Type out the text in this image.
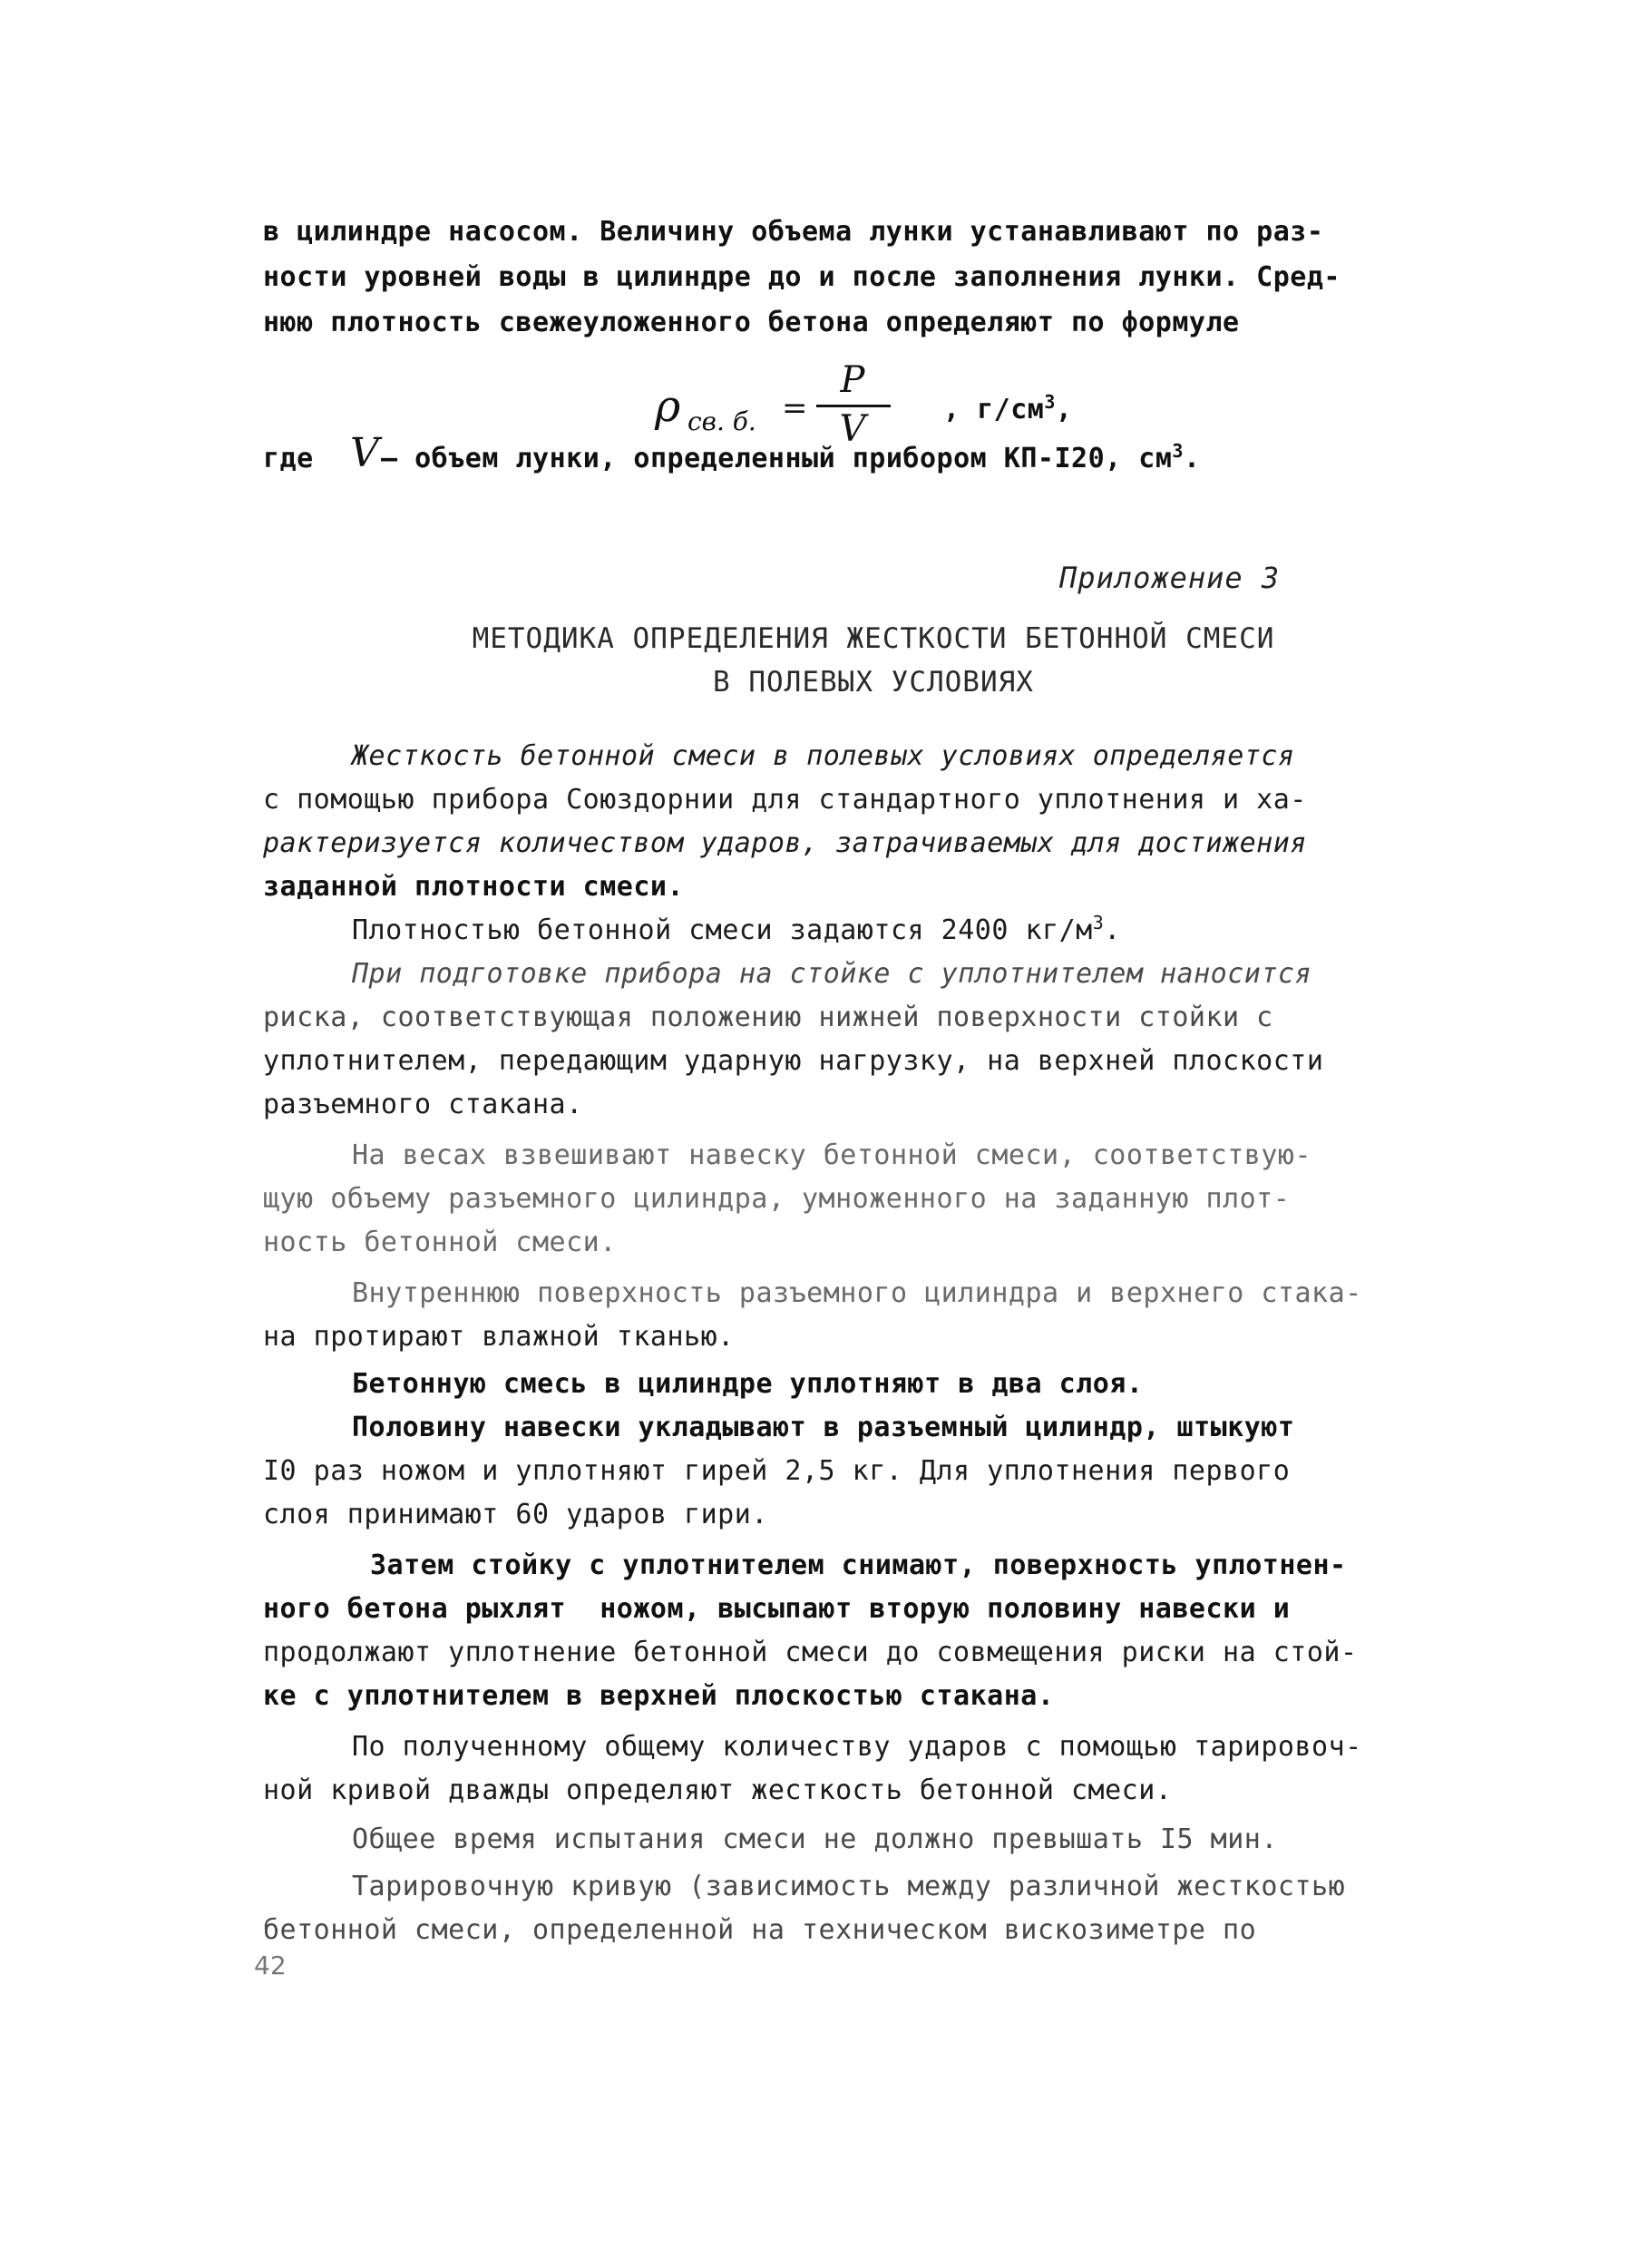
в цилиндре насосом. Величину объема лунки устанавливают по раз-
ности уровней воды в цилиндре до и после заполнения лунки. Сред-
нюю плотность свежеуложенного бетона определяют по формуле
ρ св. б. =
P
V	, $г/см^3$,
где V – объем лунки, определенный прибором КП-I20, $см^3$.
Приложение 3
МЕТОДИКА ОПРЕДЕЛЕНИЯ ЖЕСТКОСТИ БЕТОННОЙ СМЕСИ
В ПОЛЕВЫХ УСЛОВИЯХ
Жесткость бетонной смеси в полевых условиях определяется
с помощью прибора Союздорнии для стандартного уплотнения и ха-
рактеризуется количеством ударов, затрачиваемых для достижения
заданной плотности смеси.
Плотностью бетонной смеси задаются 2400 $кг/м^3$.
При подготовке прибора на стойке с уплотнителем наносится
риска, соответствующая положению нижней поверхности стойки с
уплотнителем, передающим ударную нагрузку, на верхней плоскости
разъемного стакана.
На весах взвешивают навеску бетонной смеси, соответствую-
щую объему разъемного цилиндра, умноженного на заданную плот-
ность бетонной смеси.
Внутреннюю поверхность разъемного цилиндра и верхнего стака-
на протирают влажной тканью.
Бетонную смесь в цилиндре уплотняют в два слоя.
Половину навески укладывают в разъемный цилиндр, штыкуют
I0 раз ножом и уплотняют гирей 2,5 кг. Для уплотнения первого
слоя принимают 60 ударов гири.
Затем стойку с уплотнителем снимают, поверхность уплотнен-
ного бетона рыхлят  ножом, высыпают вторую половину навески и
продолжают уплотнение бетонной смеси до совмещения риски на стой-
ке с уплотнителем в верхней плоскостью стакана.
По полученному общему количеству ударов с помощью тарировоч-
ной кривой дважды определяют жесткость бетонной смеси.
Общее время испытания смеси не должно превышать I5 мин.
Тарировочную кривую (зависимость между различной жесткостью
бетонной смеси, определенной на техническом вискозиметре по
42
